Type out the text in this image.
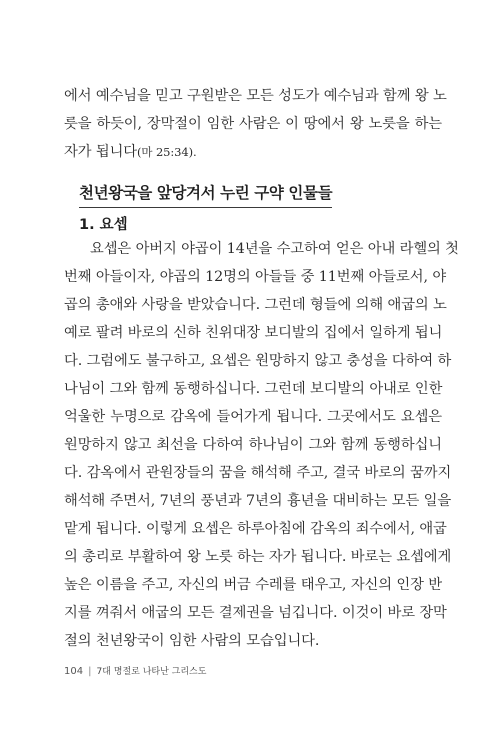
에서 예수님을 믿고 구원받은 모든 성도가 예수님과 함께 왕 노
릇을 하듯이, 장막절이 임한 사람은 이 땅에서 왕 노릇을 하는
자가 됩니다(마 25:34).
천년왕국을 앞당겨서 누린 구약 인물들
1. 요셉
요셉은 아버지 야곱이 14년을 수고하여 얻은 아내 라헬의 첫
번째 아들이자, 야곱의 12명의 아들들 중 11번째 아들로서, 야
곱의 총애와 사랑을 받았습니다. 그런데 형들에 의해 애굽의 노
예로 팔려 바로의 신하 친위대장 보디발의 집에서 일하게 됩니
다. 그럼에도 불구하고, 요셉은 원망하지 않고 충성을 다하여 하
나님이 그와 함께 동행하십니다. 그런데 보디발의 아내로 인한
억울한 누명으로 감옥에 들어가게 됩니다. 그곳에서도 요셉은
원망하지 않고 최선을 다하여 하나님이 그와 함께 동행하십니
다. 감옥에서 관원장들의 꿈을 해석해 주고, 결국 바로의 꿈까지
해석해 주면서, 7년의 풍년과 7년의 흉년을 대비하는 모든 일을
맡게 됩니다. 이렇게 요셉은 하루아침에 감옥의 죄수에서, 애굽
의 총리로 부활하여 왕 노릇 하는 자가 됩니다. 바로는 요셉에게
높은 이름을 주고, 자신의 버금 수레를 태우고, 자신의 인장 반
지를 껴줘서 애굽의 모든 결제권을 넘깁니다. 이것이 바로 장막
절의 천년왕국이 임한 사람의 모습입니다.
104 | 7대 명절로 나타난 그리스도
